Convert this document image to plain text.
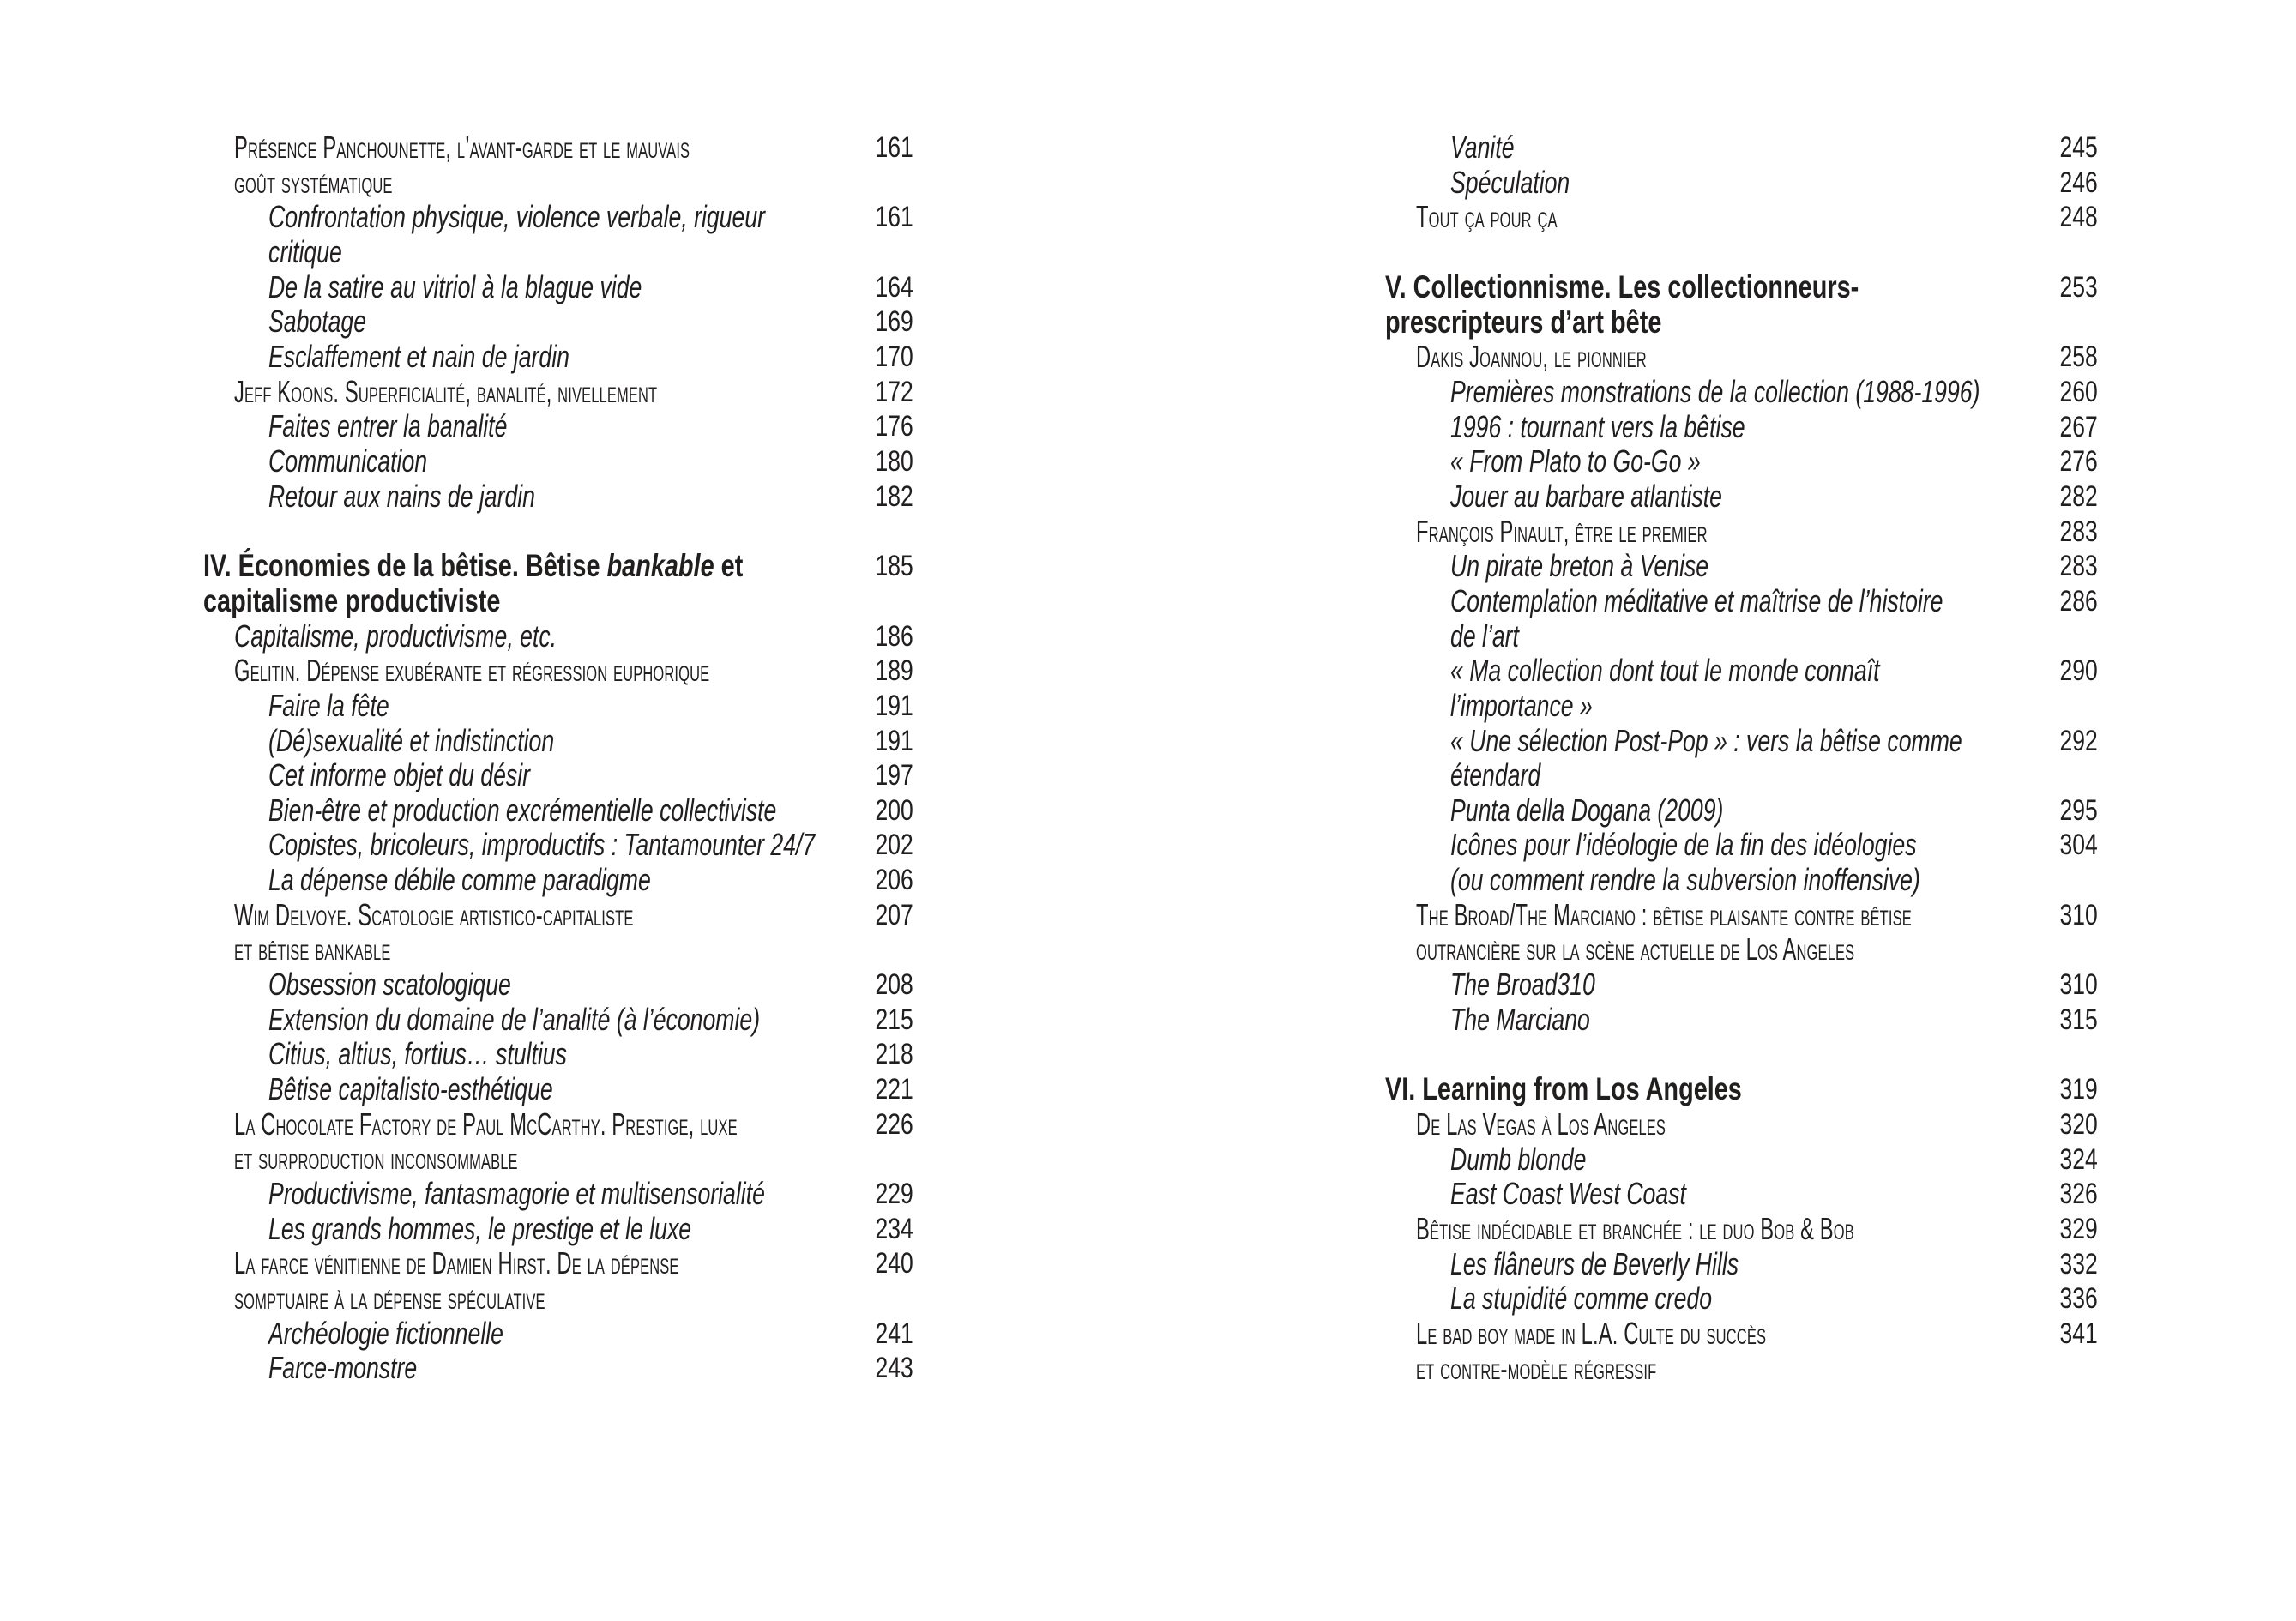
Présence Panchounette, l’avant-garde et le mauvais
goût systématique
161
Confrontation physique, violence verbale, rigueur
critique
161
De la satire au vitriol à la blague vide	164
Sabotage	169
Esclaffement et nain de jardin	170
Jeff Koons. Superficialité, banalité, nivellement	172
Faites entrer la banalité	176
Communication	180
Retour aux nains de jardin	182
IV. Économies de la bêtise. Bêtise bankable et
capitalisme productiviste
185
Capitalisme, productivisme, etc.	186
Gelitin. Dépense exubérante et régression euphorique	189
Faire la fête	191
(Dé)sexualité et indistinction	191
Cet informe objet du désir	197
Bien-être et production excrémentielle collectiviste	200
Copistes, bricoleurs, improductifs : Tantamounter 24/7 202
La dépense débile comme paradigme	206
Wim Delvoye. Scatologie artistico-capitaliste
et bêtise bankable
207
Obsession scatologique	208
Extension du domaine de l’analité (à l’économie)	215
Citius, altius, fortius… stultius	218
Bêtise capitalisto-esthétique	221
La Chocolate Factory de Paul McCarthy. Prestige, luxe
et surproduction inconsommable
226
Productivisme, fantasmagorie et multisensorialité	229
Les grands hommes, le prestige et le luxe	234
La farce vénitienne de Damien Hirst. De la dépense
somptuaire à la dépense spéculative
240
Archéologie fictionnelle	241
Farce-monstre	243
Vanité	245
Spéculation	246
Tout ça pour ça	248
V. Collectionnisme. Les collectionneurs-
prescripteurs d’art bête
253
Dakis Joannou, le pionnier	258
Premières monstrations de la collection (1988-1996)	260
1996 : tournant vers la bêtise	267
« From Plato to Go-Go »	276
Jouer au barbare atlantiste	282
François Pinault, être le premier	283
Un pirate breton à Venise	283
Contemplation méditative et maîtrise de l’histoire
de l’art
286
« Ma collection dont tout le monde connaît
l’importance »
290
« Une sélection Post-Pop » : vers la bêtise comme
étendard
292
Punta della Dogana (2009)	295
Icônes pour l’idéologie de la fin des idéologies
(ou comment rendre la subversion inoffensive)
304
The Broad/The Marciano : bêtise plaisante contre bêtise
outrancière sur la scène actuelle de Los Angeles
310
The Broad310	310
The Marciano	315
VI. Learning from Los Angeles	319
De Las Vegas à Los Angeles	320
Dumb blonde	324
East Coast West Coast	326
Bêtise indécidable et branchée : le duo Bob & Bob	329
Les flâneurs de Beverly Hills	332
La stupidité comme credo	336
Le bad boy made in L.A. Culte du succès
et contre-modèle régressif
341
